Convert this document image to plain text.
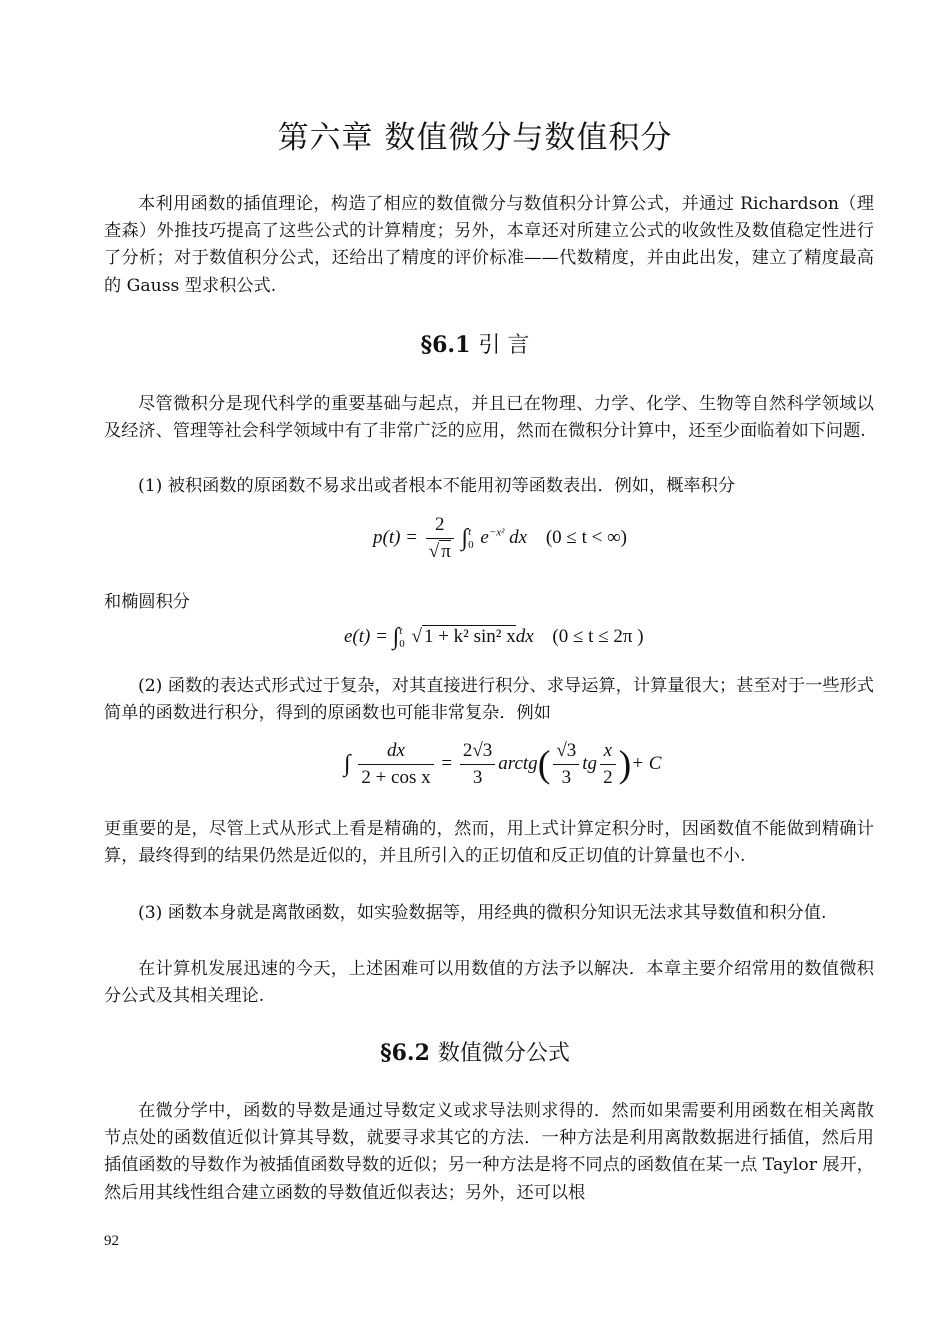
第六章 数值微分与数值积分

本利用函数的插值理论，构造了相应的数值微分与数值积分计算公式，并通过 Richardson（理查森）外推技巧提高了这些公式的计算精度；另外，本章还对所建立公式的收敛性及数值稳定性进行了分析；对于数值积分公式，还给出了精度的评价标准——代数精度，并由此出发，建立了精度最高的 Gauss 型求积公式.

§6.1 引 言

尽管微积分是现代科学的重要基础与起点，并且已在物理、力学、化学、生物等自然科学领域以及经济、管理等社会科学领域中有了非常广泛的应用，然而在微积分计算中，还至少面临着如下问题.

(1) 被积函数的原函数不易求出或者根本不能用初等函数表出．例如，概率积分

$p(t) = \frac{2}{√ \pi}$ ∫ t
0 $e^{-x^2}$ dx (0 ≤ t < ∞)

和椭圆积分

e(t) = ∫ t
0 √ 1 + k² sin² xdx (0 ≤ t ≤ 2π )

(2) 函数的表达式形式过于复杂，对其直接进行积分、求导运算，计算量很大；甚至对于一些形式简单的函数进行积分，得到的原函数也可能非常复杂．例如

∫ $\frac{dx}{\text{2 + cos x}} = \frac{2√3}{3}$ arctg( $\frac{√3}{3}$ tg $\frac{x}{2}$ )+ C

更重要的是，尽管上式从形式上看是精确的，然而，用上式计算定积分时，因函数值不能做到精确计算，最终得到的结果仍然是近似的，并且所引入的正切值和反正切值的计算量也不小.

(3) 函数本身就是离散函数，如实验数据等，用经典的微积分知识无法求其导数值和积分值.

在计算机发展迅速的今天，上述困难可以用数值的方法予以解决．本章主要介绍常用的数值微积分公式及其相关理论.

§6.2 数值微分公式

在微分学中，函数的导数是通过导数定义或求导法则求得的．然而如果需要利用函数在相关离散节点处的函数值近似计算其导数，就要寻求其它的方法．一种方法是利用离散数据进行插值，然后用插值函数的导数作为被插值函数导数的近似；另一种方法是将不同点的函数值在某一点 Taylor 展开，然后用其线性组合建立函数的导数值近似表达；另外，还可以根

92
